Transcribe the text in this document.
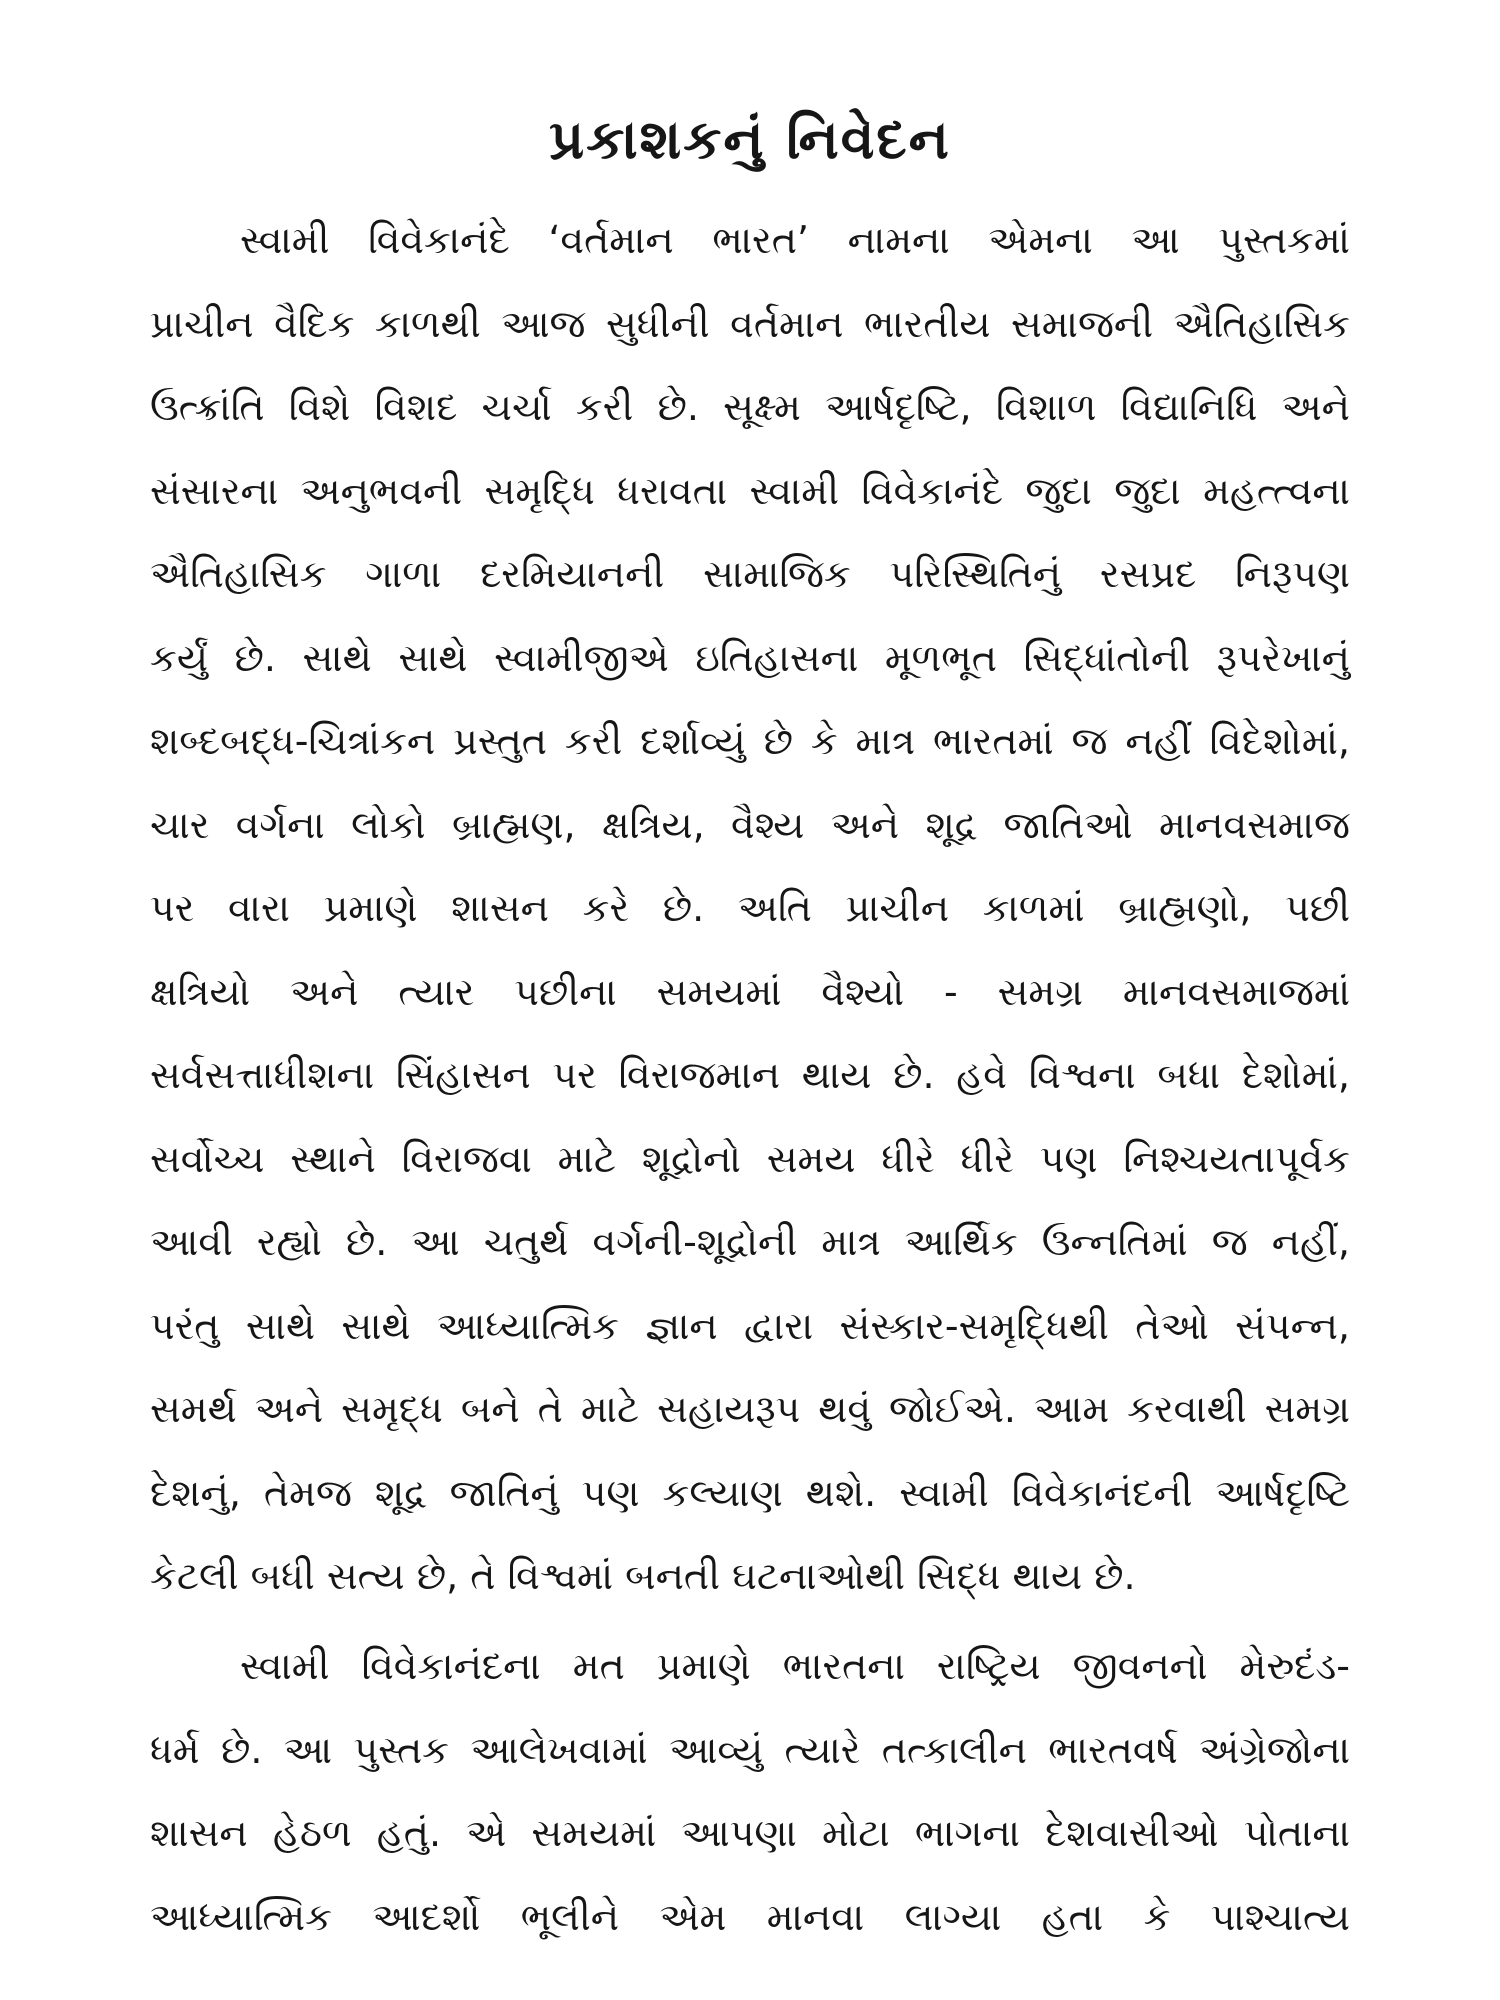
પ્રકાશકનું નિવેદન
સ્વામી વિવેકાનંદે ‘વર્તમાન ભારત’ નામના એમના આ પુસ્તકમાં
પ્રાચીન વૈદિક કાળથી આજ સુધીની વર્તમાન ભારતીય સમાજની ઐતિહાસિક
ઉત્ક્રાંતિ વિશે વિશદ ચર્ચા કરી છે. સૂક્ષ્મ આર્ષદૃષ્ટિ, વિશાળ વિદ્યાનિધિ અને
સંસારના અનુભવની સમૃદ્ધિ ધરાવતા સ્વામી વિવેકાનંદે જુદા જુદા મહત્ત્વના
ઐતિહાસિક ગાળા દરમિયાનની સામાજિક પરિસ્થિતિનું રસપ્રદ નિરૂપણ
કર્યું છે. સાથે સાથે સ્વામીજીએ ઇતિહાસના મૂળભૂત સિદ્ધાંતોની રૂપરેખાનું
શબ્દબદ્ધ-ચિત્રાંકન પ્રસ્તુત કરી દર્શાવ્યું છે કે માત્ર ભારતમાં જ નહીં વિદેશોમાં,
ચાર વર્ગના લોકો બ્રાહ્મણ, ક્ષત્રિય, વૈશ્ય અને શૂદ્ર જાતિઓ માનવસમાજ
પર વારા પ્રમાણે શાસન કરે છે. અતિ પ્રાચીન કાળમાં બ્રાહ્મણો, પછી
ક્ષત્રિયો અને ત્યાર પછીના સમયમાં વૈશ્યો - સમગ્ર માનવસમાજમાં
સર્વસત્તાધીશના સિંહાસન પર વિરાજમાન થાય છે. હવે વિશ્વના બધા દેશોમાં,
સર્વોચ્ચ સ્થાને વિરાજવા માટે શૂદ્રોનો સમય ધીરે ધીરે પણ નિશ્ચયતાપૂર્વક
આવી રહ્યો છે. આ ચતુર્થ વર્ગની-શૂદ્રોની માત્ર આર્થિક ઉન્નતિમાં જ નહીં,
પરંતુ સાથે સાથે આધ્યાત્મિક જ્ઞાન દ્વારા સંસ્કાર-સમૃદ્ધિથી તેઓ સંપન્ન,
સમર્થ અને સમૃદ્ધ બને તે માટે સહાયરૂપ થવું જોઈએ. આમ કરવાથી સમગ્ર
દેશનું, તેમજ શૂદ્ર જાતિનું પણ કલ્યાણ થશે. સ્વામી વિવેકાનંદની આર્ષદૃષ્ટિ
કેટલી બધી સત્ય છે, તે વિશ્વમાં બનતી ઘટનાઓથી સિદ્ધ થાય છે.
સ્વામી વિવેકાનંદના મત પ્રમાણે ભારતના રાષ્ટ્રિય જીવનનો મેરુદંડ-
ધર્મ છે. આ પુસ્તક આલેખવામાં આવ્યું ત્યારે તત્કાલીન ભારતવર્ષ અંગ્રેજોના
શાસન હેઠળ હતું. એ સમયમાં આપણા મોટા ભાગના દેશવાસીઓ પોતાના
આધ્યાત્મિક આદર્શો ભૂલીને એમ માનવા લાગ્યા હતા કે પાશ્ચાત્ય
